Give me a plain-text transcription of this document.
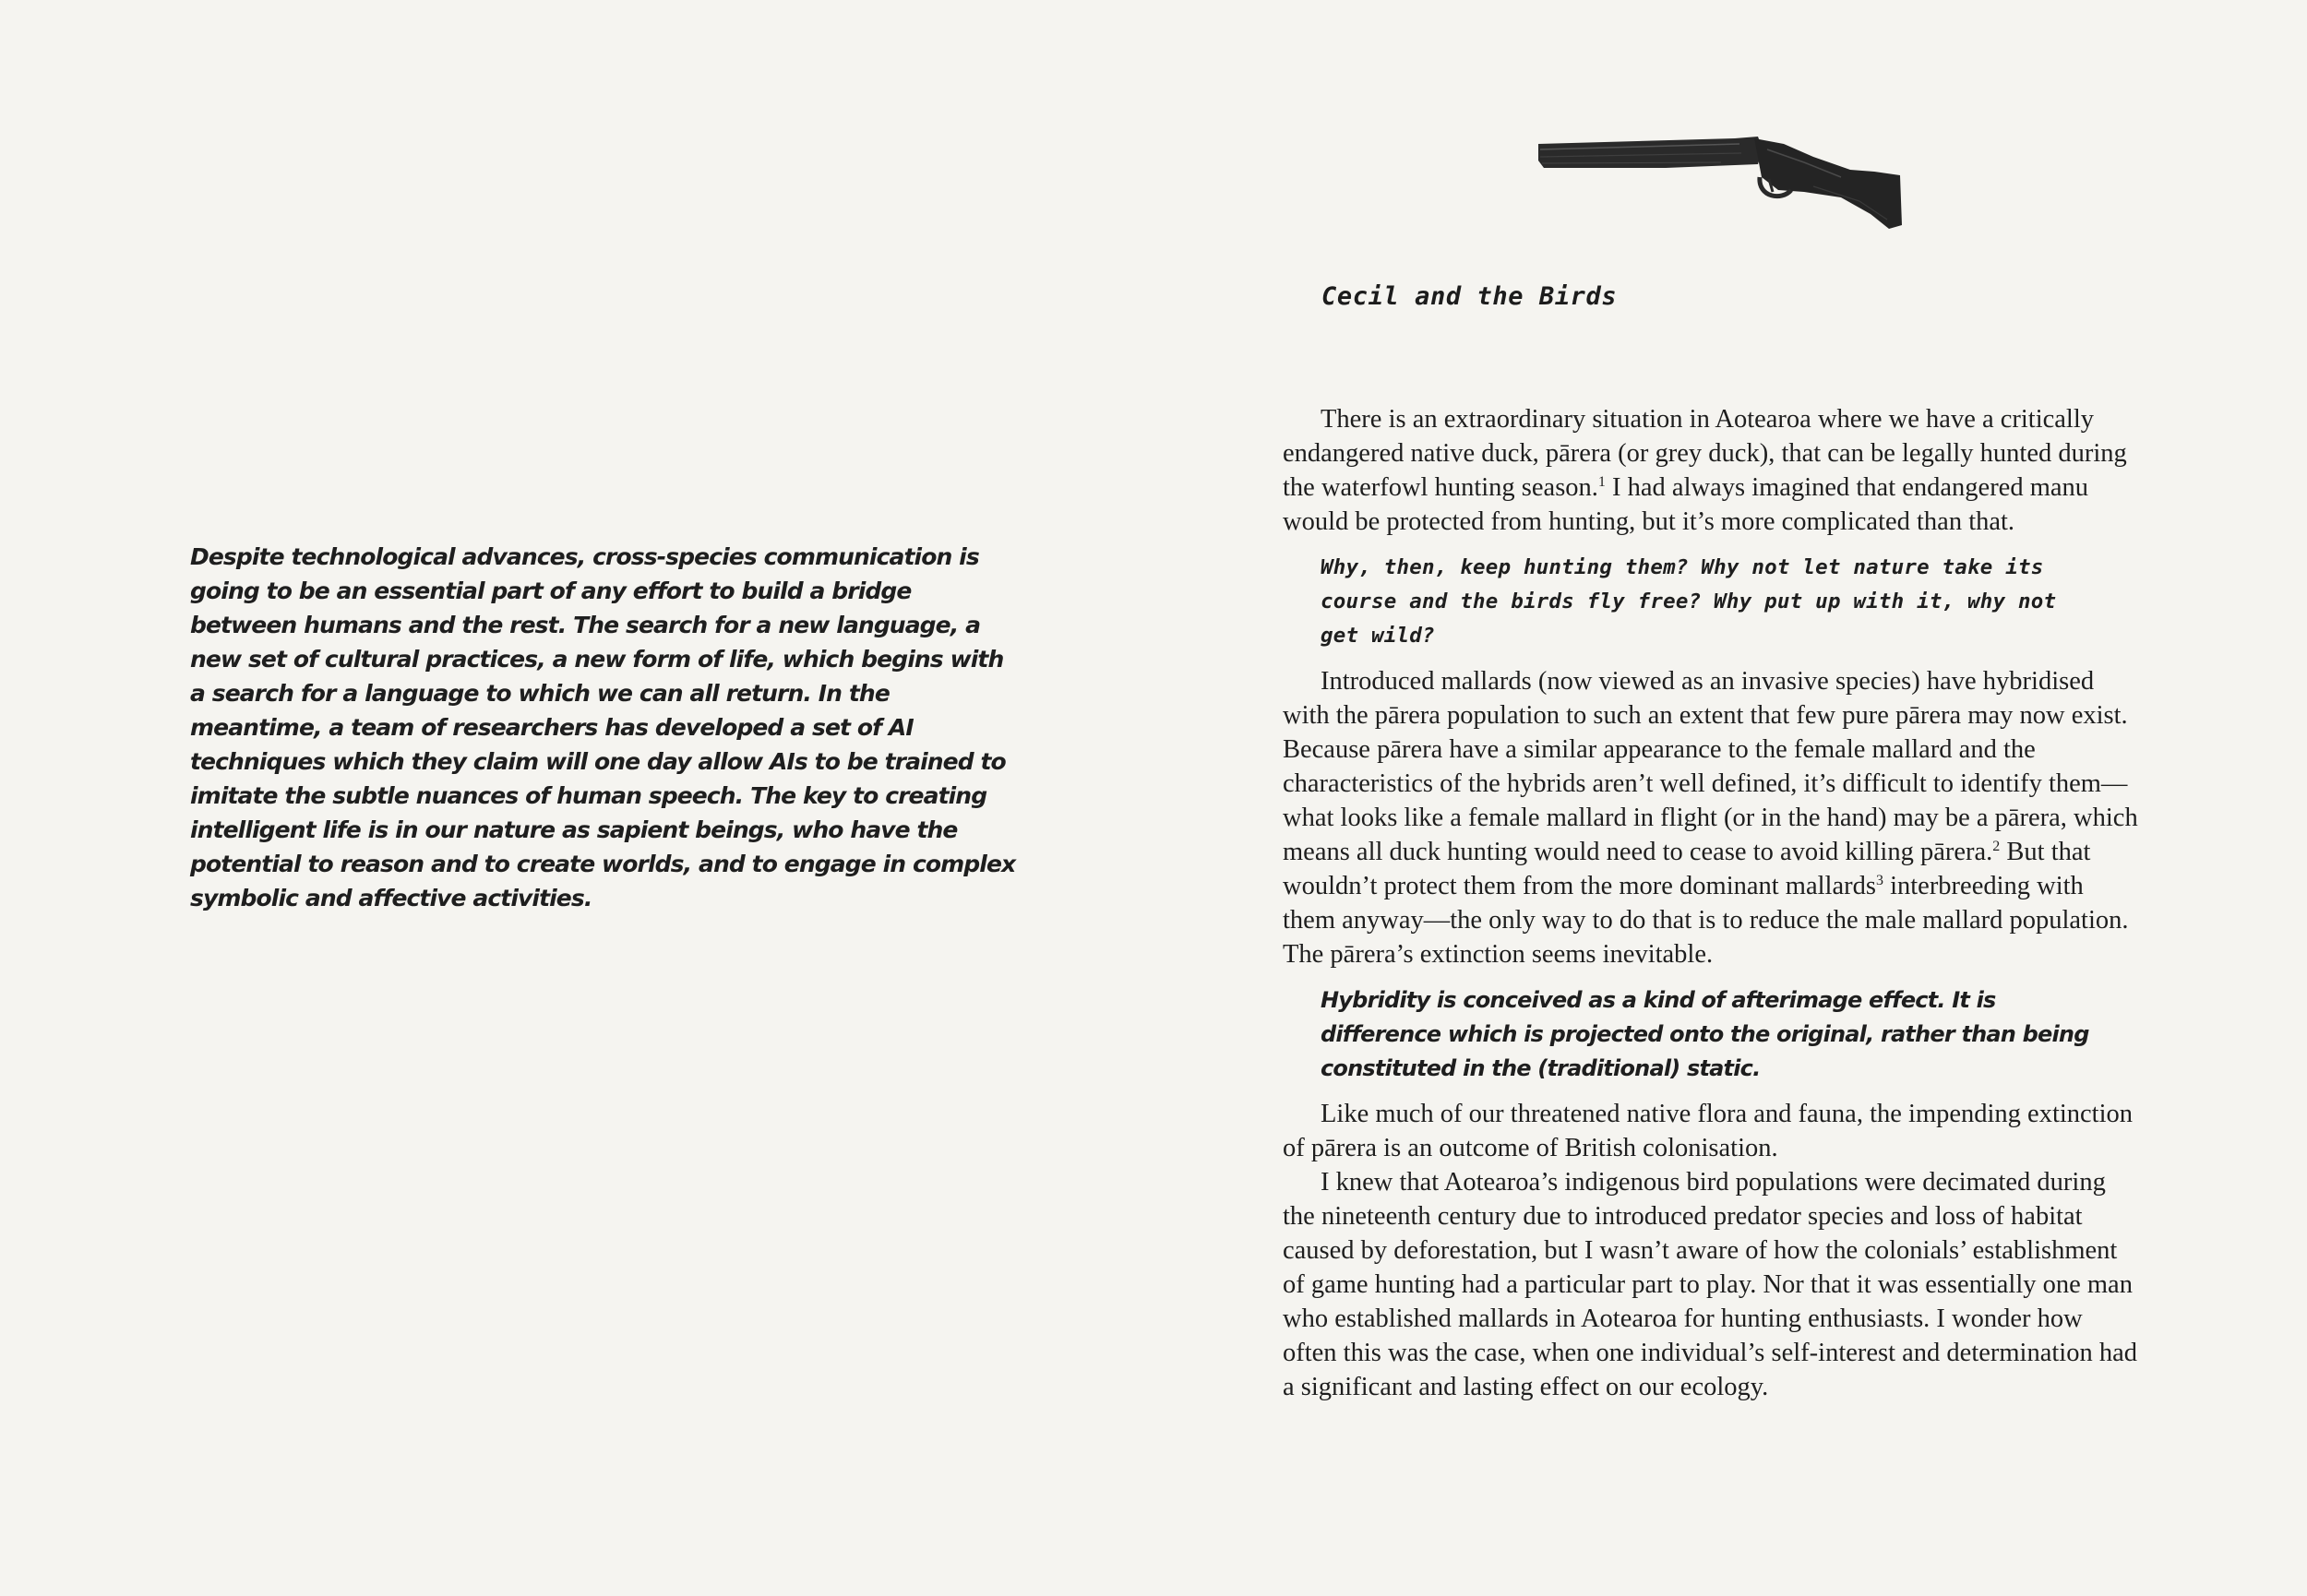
Despite technological advances, cross-species communication is going to be an essential part of any effort to build a bridge between humans and the rest. The search for a new language, a new set of cultural practices, a new form of life, which begins with a search for a language to which we can all return. In the meantime, a team of researchers has developed a set of AI techniques which they claim will one day allow AIs to be trained to imitate the subtle nuances of human speech. The key to creating intelligent life is in our nature as sapient beings, who have the potential to reason and to create worlds, and to engage in complex symbolic and affective activities.

Cecil and the Birds

There is an extraordinary situation in Aotearoa where we have a critically endangered native duck, pārera (or grey duck), that can be legally hunted during the waterfowl hunting season.$^1$ I had always imagined that endangered manu would be protected from hunting, but it’s more complicated than that.

Why, then, keep hunting them? Why not let nature take its course and the birds fly free? Why put up with it, why not get wild?

Introduced mallards (now viewed as an invasive species) have hybridised with the pārera population to such an extent that few pure pārera may now exist. Because pārera have a similar appearance to the female mallard and the characteristics of the hybrids aren’t well defined, it’s difficult to identify them—what looks like a female mallard in flight (or in the hand) may be a pārera, which means all duck hunting would need to cease to avoid killing pārera.$^2$ But that wouldn’t protect them from the more dominant mallards$^3$ interbreeding with them anyway—the only way to do that is to reduce the male mallard population. The pārera’s extinction seems inevitable.

Hybridity is conceived as a kind of afterimage effect. It is difference which is projected onto the original, rather than being constituted in the (traditional) static.

Like much of our threatened native flora and fauna, the impending extinction of pārera is an outcome of British colonisation.

I knew that Aotearoa’s indigenous bird populations were decimated during the nineteenth century due to introduced predator species and loss of habitat caused by deforestation, but I wasn’t aware of how the colonials’ establishment of game hunting had a particular part to play. Nor that it was essentially one man who established mallards in Aotearoa for hunting enthusiasts. I wonder how often this was the case, when one individual’s self-interest and determination had a significant and lasting effect on our ecology.
